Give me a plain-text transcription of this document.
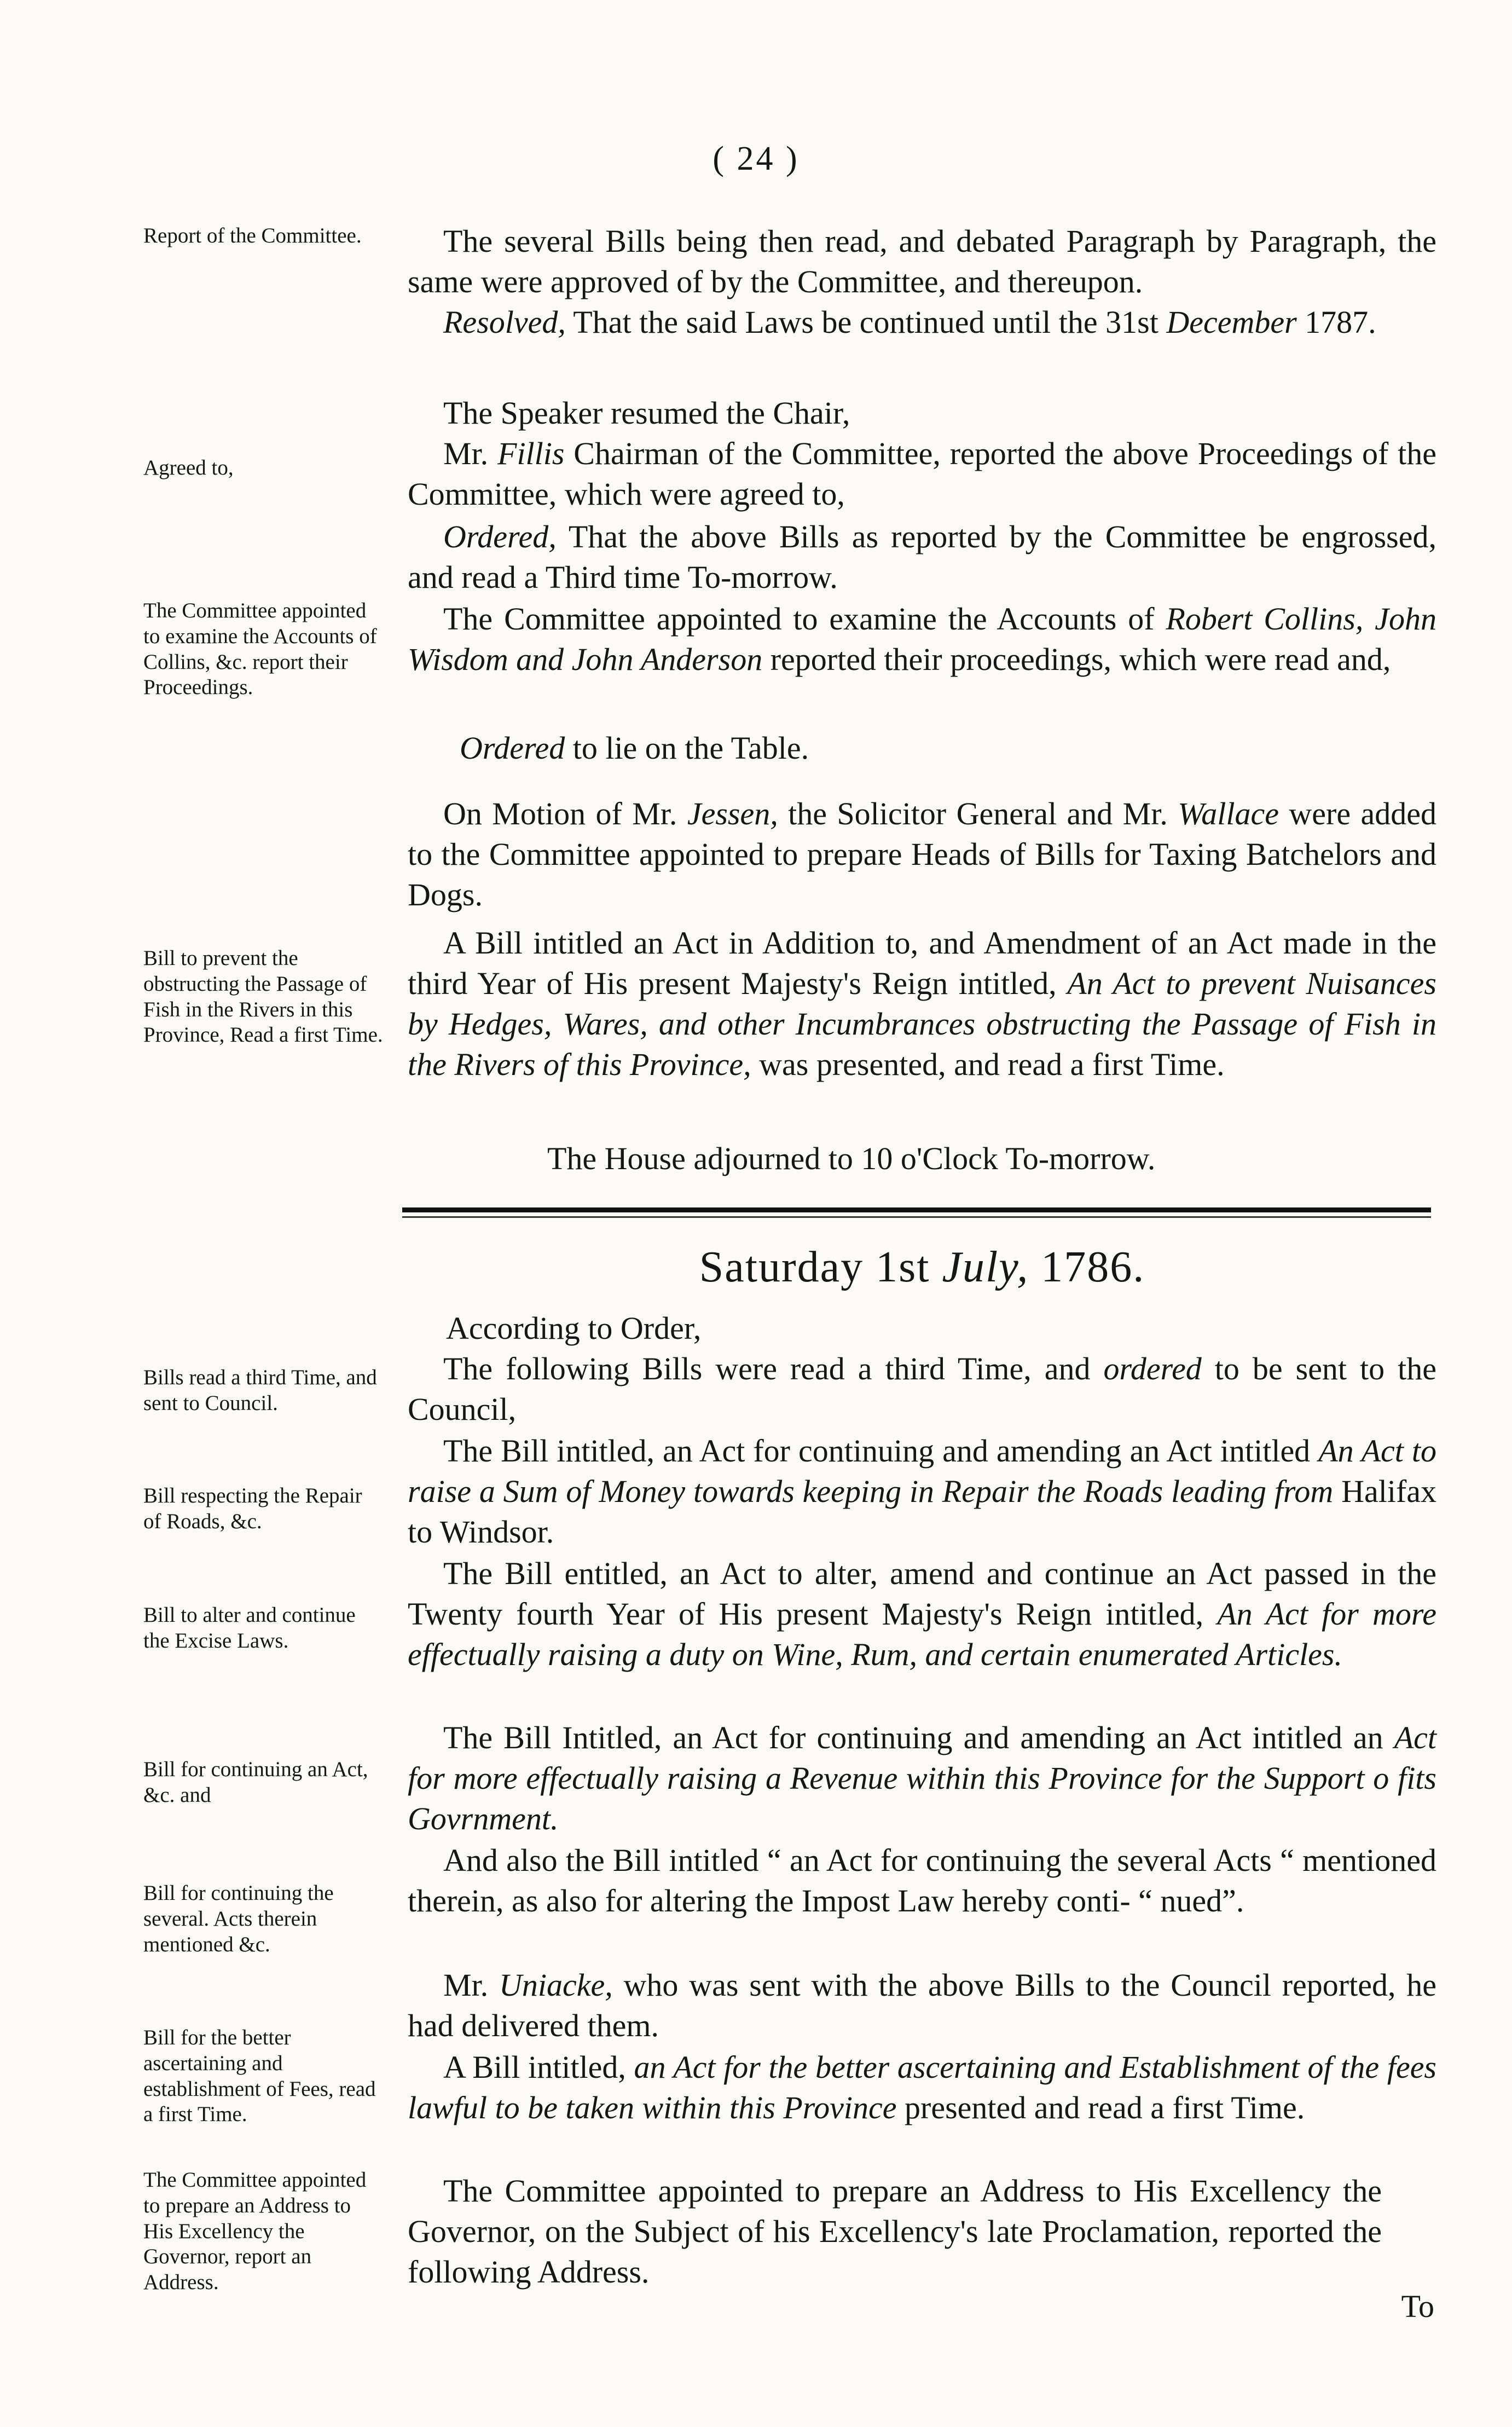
( 24 )
Report of the Committee.
Agreed to,
The Committee appointed to examine the Accounts of Collins, &c. report their Proceedings.
Bill to prevent the obstructing the Passage of Fish in the Rivers in this Province, Read a first Time.
Bills read a third Time, and sent to Council.
Bill respecting the Repair of Roads, &c.
Bill to alter and continue the Excise Laws.
Bill for continuing an Act, &c. and
Bill for continuing the several. Acts therein mentioned &c.
Bill for the better ascertaining and establishment of Fees, read a first Time.
The Committee appointed to prepare an Address to His Excellency the Governor, report an Address.
The several Bills being then read, and debated Paragraph by Paragraph, the same were approved of by the Committee, and thereupon.
Resolved, That the said Laws be continued until the 31st December 1787.
The Speaker resumed the Chair,
Mr. Fillis Chairman of the Committee, reported the above Proceedings of the Committee, which were agreed to,
Ordered, That the above Bills as reported by the Committee be engrossed, and read a Third time To-morrow.
The Committee appointed to examine the Accounts of Robert Collins, John Wisdom and John Anderson reported their proceedings, which were read and,
Ordered to lie on the Table.
On Motion of Mr. Jessen, the Solicitor General and Mr. Wallace were added to the Committee appointed to prepare Heads of Bills for Taxing Batchelors and Dogs.
A Bill intitled an Act in Addition to, and Amendment of an Act made in the third Year of His present Majesty's Reign intitled, An Act to prevent Nuisances by Hedges, Wares, and other Incumbrances obstructing the Passage of Fish in the Rivers of this Province, was presented, and read a first Time.
The House adjourned to 10 o'Clock To-morrow.
Saturday 1st July, 1786.
According to Order,
The following Bills were read a third Time, and ordered to be sent to the Council,
The Bill intitled, an Act for continuing and amending an Act intitled An Act to raise a Sum of Money towards keeping in Repair the Roads leading from Halifax to Windsor.
The Bill entitled, an Act to alter, amend and continue an Act passed in the Twenty fourth Year of His present Majesty's Reign intitled, An Act for more effectually raising a duty on Wine, Rum, and certain enumerated Articles.
The Bill Intitled, an Act for continuing and amending an Act intitled an Act for more effectually raising a Revenue within this Province for the Support o fits Govrnment.
And also the Bill intitled “ an Act for continuing the several Acts “ mentioned therein, as also for altering the Impost Law hereby conti- “ nued”.
Mr. Uniacke, who was sent with the above Bills to the Council reported, he had delivered them.
A Bill intitled, an Act for the better ascertaining and Establishment of the fees lawful to be taken within this Province presented and read a first Time.
The Committee appointed to prepare an Address to His Excellency the Governor, on the Subject of his Excellency's late Proclamation, reported the following Address.
To
